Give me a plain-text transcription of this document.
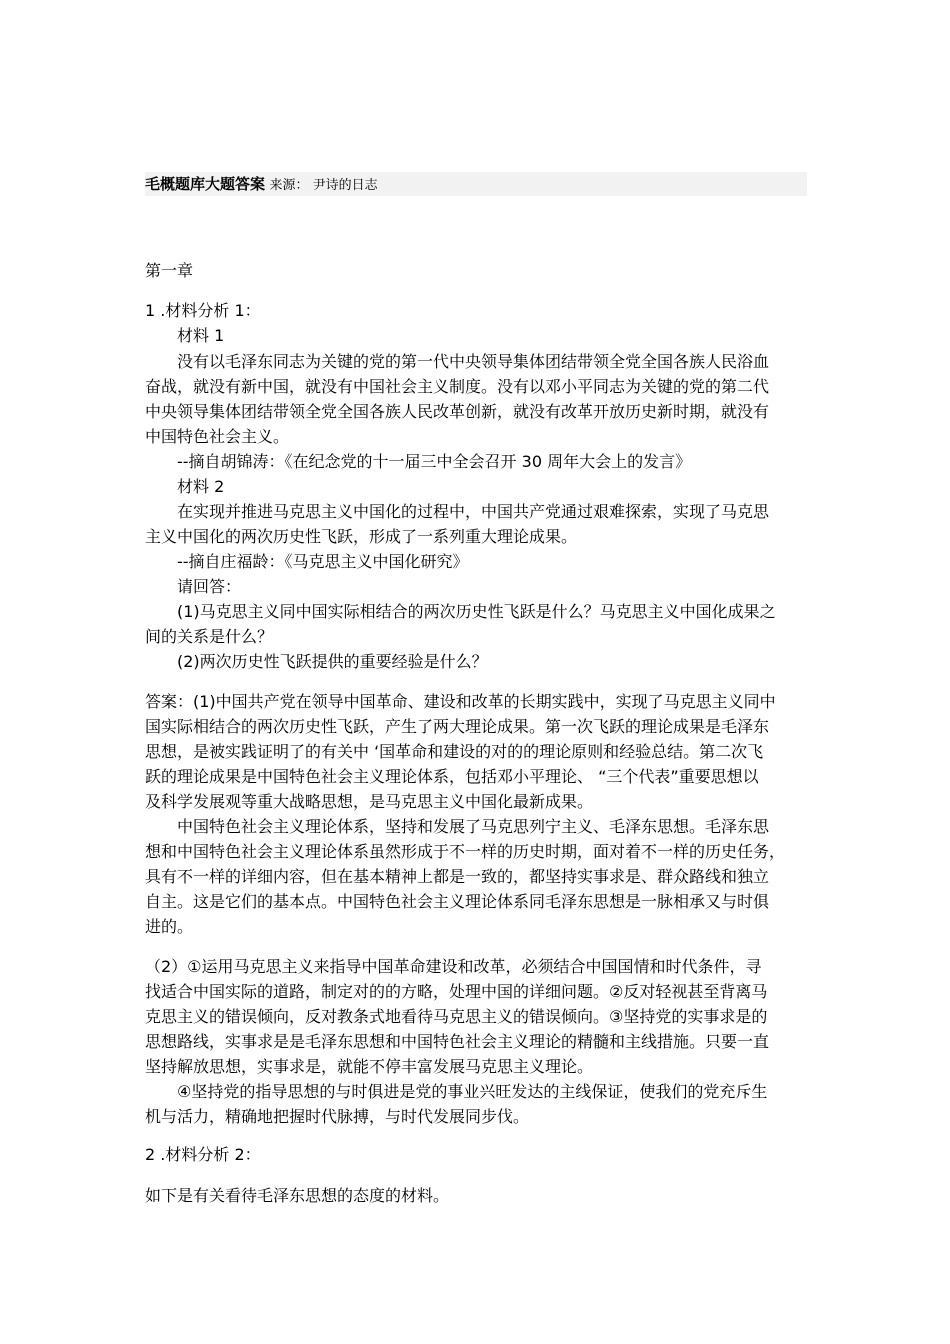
毛概题库大题答案 来源： 尹诗的日志
第一章
1 .材料分析 1：
材料 1
没有以毛泽东同志为关键的党的第一代中央领导集体团结带领全党全国各族人民浴血
奋战，就没有新中国，就没有中国社会主义制度。没有以邓小平同志为关键的党的第二代
中央领导集体团结带领全党全国各族人民改革创新，就没有改革开放历史新时期，就没有
中国特色社会主义。
--摘自胡锦涛：《在纪念党的十一届三中全会召开 30 周年大会上的发言》
材料 2
在实现并推进马克思主义中国化的过程中，中国共产党通过艰难探索，实现了马克思
主义中国化的两次历史性飞跃，形成了一系列重大理论成果。
--摘自庄福龄：《马克思主义中国化研究》
请回答：
(1)马克思主义同中国实际相结合的两次历史性飞跃是什么？马克思主义中国化成果之
间的关系是什么？
(2)两次历史性飞跃提供的重要经验是什么？
答案：(1)中国共产党在领导中国革命、建设和改革的长期实践中，实现了马克思主义同中
国实际相结合的两次历史性飞跃，产生了两大理论成果。第一次飞跃的理论成果是毛泽东
思想，是被实践证明了的有关中 ‘国革命和建设的对的的理论原则和经验总结。第二次飞
跃的理论成果是中国特色社会主义理论体系，包括邓小平理论、 “三个代表”重要思想以
及科学发展观等重大战略思想，是马克思主义中国化最新成果。
中国特色社会主义理论体系，坚持和发展了马克思列宁主义、毛泽东思想。毛泽东思
想和中国特色社会主义理论体系虽然形成于不一样的历史时期，面对着不一样的历史任务，
具有不一样的详细内容，但在基本精神上都是一致的，都坚持实事求是、群众路线和独立
自主。这是它们的基本点。中国特色社会主义理论体系同毛泽东思想是一脉相承又与时俱
进的。
（2）①运用马克思主义来指导中国革命建设和改革，必须结合中国国情和时代条件，寻
找适合中国实际的道路，制定对的的方略，处理中国的详细问题。②反对轻视甚至背离马
克思主义的错误倾向，反对教条式地看待马克思主义的错误倾向。③坚持党的实事求是的
思想路线，实事求是是毛泽东思想和中国特色社会主义理论的精髓和主线措施。只要一直
坚持解放思想，实事求是，就能不停丰富发展马克思主义理论。
④坚持党的指导思想的与时俱进是党的事业兴旺发达的主线保证，使我们的党充斥生
机与活力，精确地把握时代脉搏，与时代发展同步伐。
2 .材料分析 2：
如下是有关看待毛泽东思想的态度的材料。
